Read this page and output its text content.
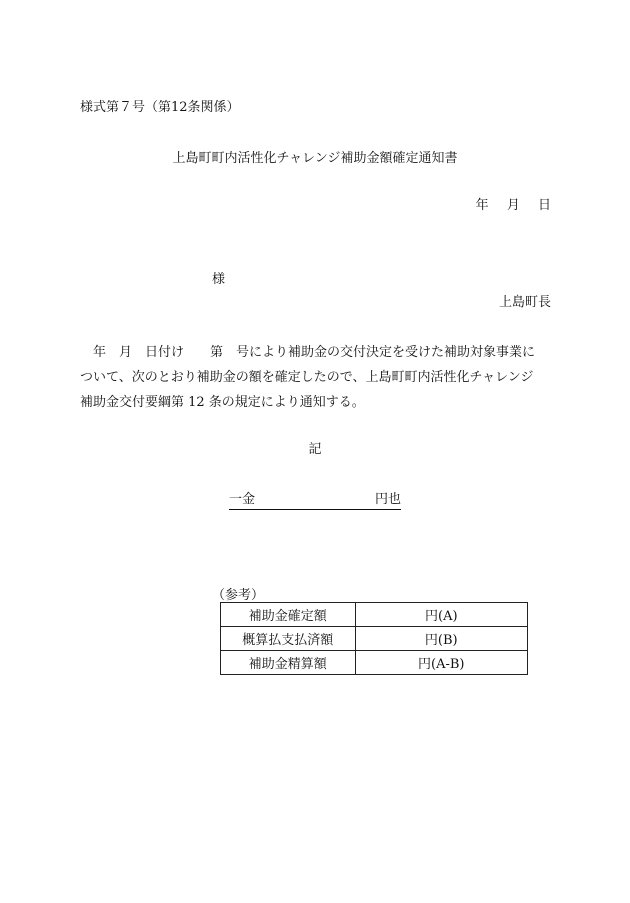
様式第７号（第12条関係）
上島町町内活性化チャレンジ補助金額確定通知書
年 月 日
様
上島町長
　年　月　日付け　　第　号により補助金の交付決定を受けた補助対象事業に
ついて、次のとおり補助金の額を確定したので、上島町町内活性化チャレンジ
補助金交付要綱第 12 条の規定により通知する。
記
一金	円也
（参考）
補助金確定額	円(A)
概算払支払済額	円(B)
補助金精算額	円(A-B)
